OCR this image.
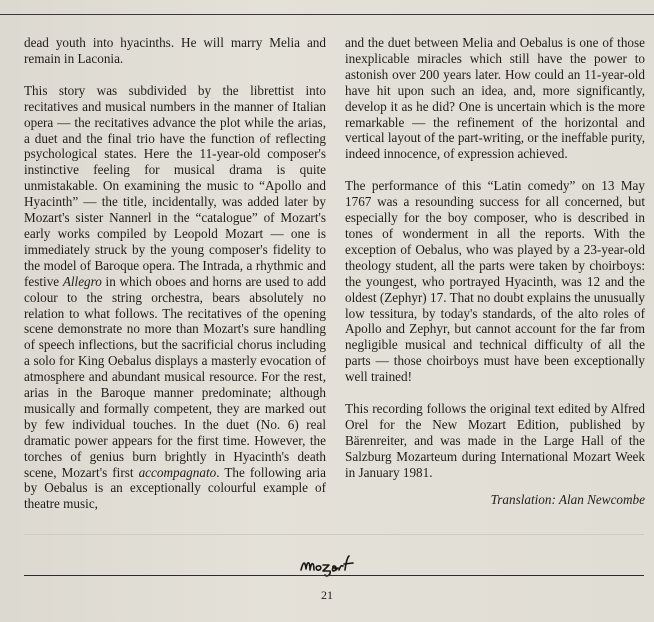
dead youth into hyacinths. He will marry Melia and remain in Laconia.

This story was subdivided by the librettist into recitatives and musical numbers in the manner of Italian opera — the recitatives advance the plot while the arias, a duet and the final trio have the function of reflecting psychological states. Here the 11-year-old composer's instinctive feeling for musical drama is quite unmistakable. On examining the music to “Apollo and Hyacinth” — the title, incidentally, was added later by Mozart's sister Nannerl in the “catalogue” of Mozart's early works compiled by Leopold Mozart — one is immediately struck by the young composer's fidelity to the model of Baroque opera. The Intrada, a rhythmic and festive Allegro in which oboes and horns are used to add colour to the string orchestra, bears absolutely no relation to what follows. The recitatives of the opening scene demonstrate no more than Mozart's sure handling of speech inflections, but the sacrificial chorus including a solo for King Oebalus displays a masterly evocation of atmosphere and abundant musical resource. For the rest, arias in the Baroque manner predominate; although musically and formally competent, they are marked out by few individual touches. In the duet (No. 6) real dramatic power appears for the first time. However, the torches of genius burn brightly in Hyacinth's death scene, Mozart's first accompagnato. The following aria by Oebalus is an exceptionally colourful example of theatre music,

and the duet between Melia and Oebalus is one of those inexplicable miracles which still have the power to astonish over 200 years later. How could an 11-year-old have hit upon such an idea, and, more significantly, develop it as he did? One is uncertain which is the more remarkable — the refinement of the horizontal and vertical layout of the part-writing, or the ineffable purity, indeed innocence, of expression achieved.

The performance of this “Latin comedy” on 13 May 1767 was a resounding success for all concerned, but especially for the boy composer, who is described in tones of wonderment in all the reports. With the exception of Oebalus, who was played by a 23-year-old theology student, all the parts were taken by choirboys: the youngest, who portrayed Hyacinth, was 12 and the oldest (Zephyr) 17. That no doubt explains the unusually low tessitura, by today's standards, of the alto roles of Apollo and Zephyr, but cannot account for the far from negligible musical and technical difficulty of all the parts — those choirboys must have been exceptionally well trained!

This recording follows the original text edited by Alfred Orel for the New Mozart Edition, published by Bärenreiter, and was made in the Large Hall of the Salzburg Mozarteum during International Mozart Week in January 1981.

Translation: Alan Newcombe
21
